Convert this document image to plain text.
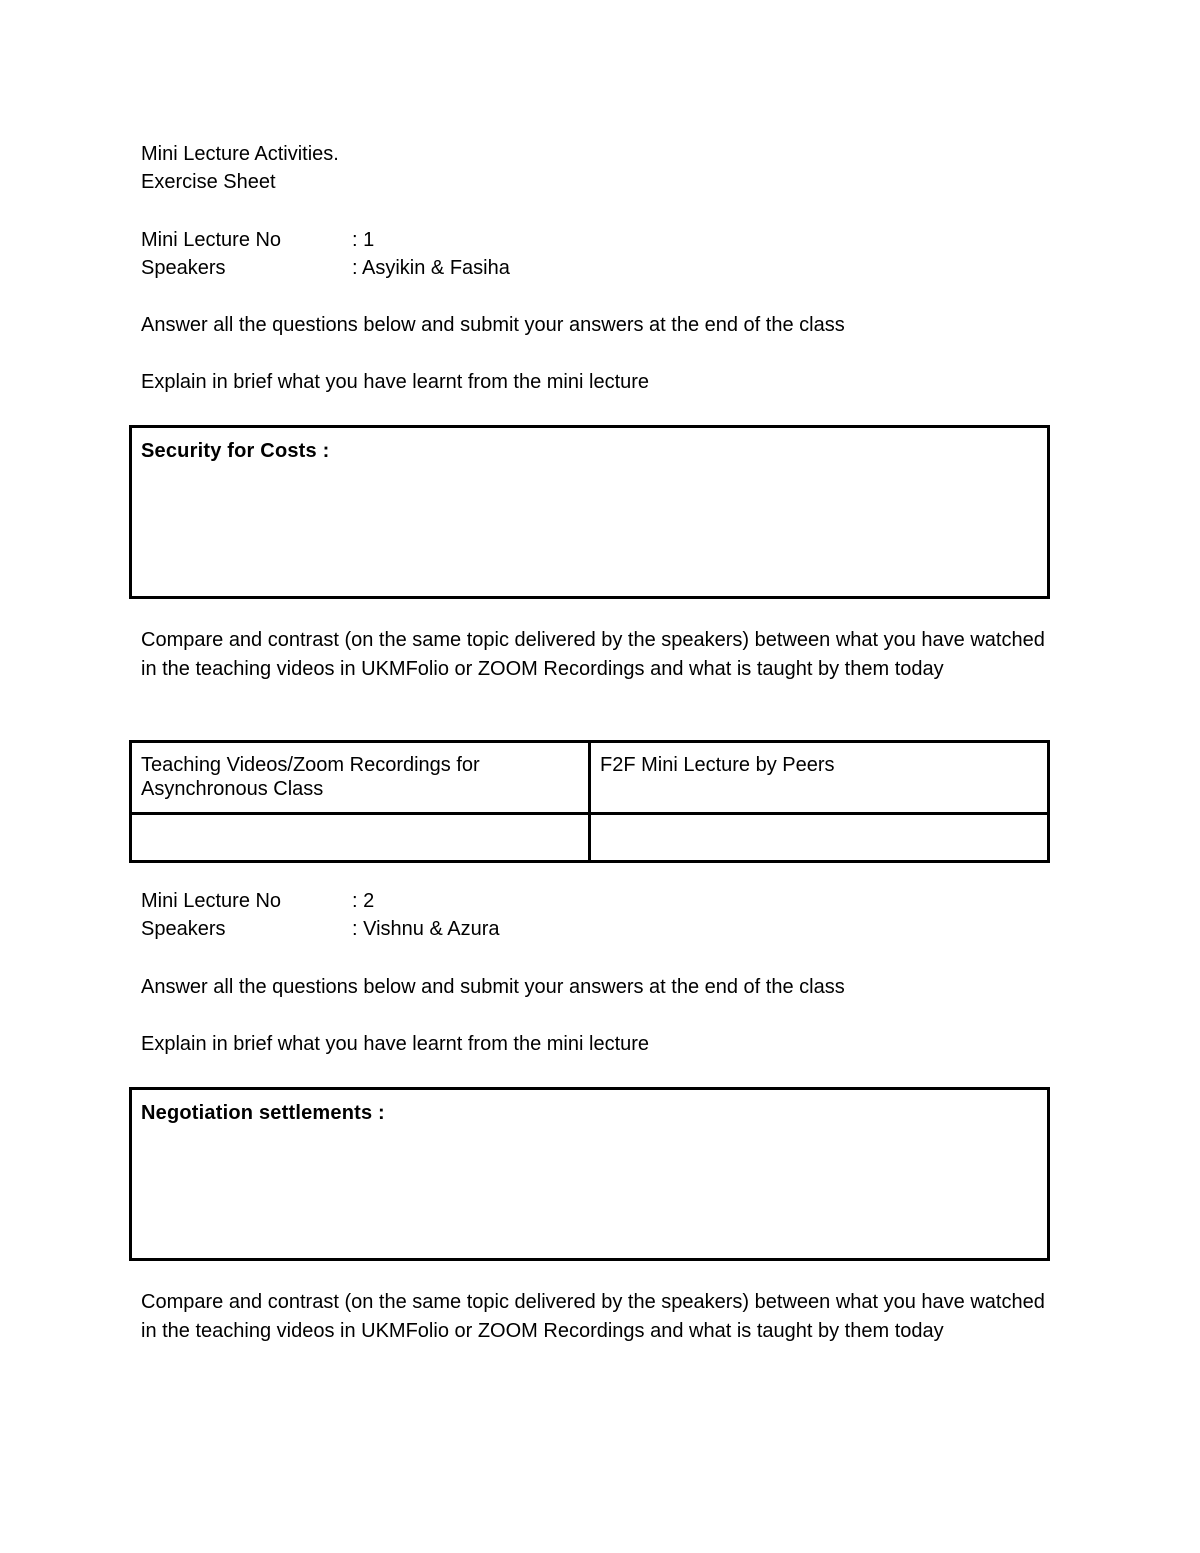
Mini Lecture Activities.
Exercise Sheet
Mini Lecture No	: 1
Speakers	: Asyikin & Fasiha
Answer all the questions below and submit your answers at the end of the class
Explain in brief what you have learnt from the mini lecture
Security for Costs :
Compare and contrast (on the same topic delivered by the speakers) between what you have watched in the teaching videos in UKMFolio or ZOOM Recordings and what is taught by them today
Teaching Videos/Zoom Recordings for Asynchronous Class	F2F Mini Lecture by Peers

Mini Lecture No	: 2
Speakers	: Vishnu & Azura
Answer all the questions below and submit your answers at the end of the class
Explain in brief what you have learnt from the mini lecture
Negotiation settlements :
Compare and contrast (on the same topic delivered by the speakers) between what you have watched in the teaching videos in UKMFolio or ZOOM Recordings and what is taught by them today
